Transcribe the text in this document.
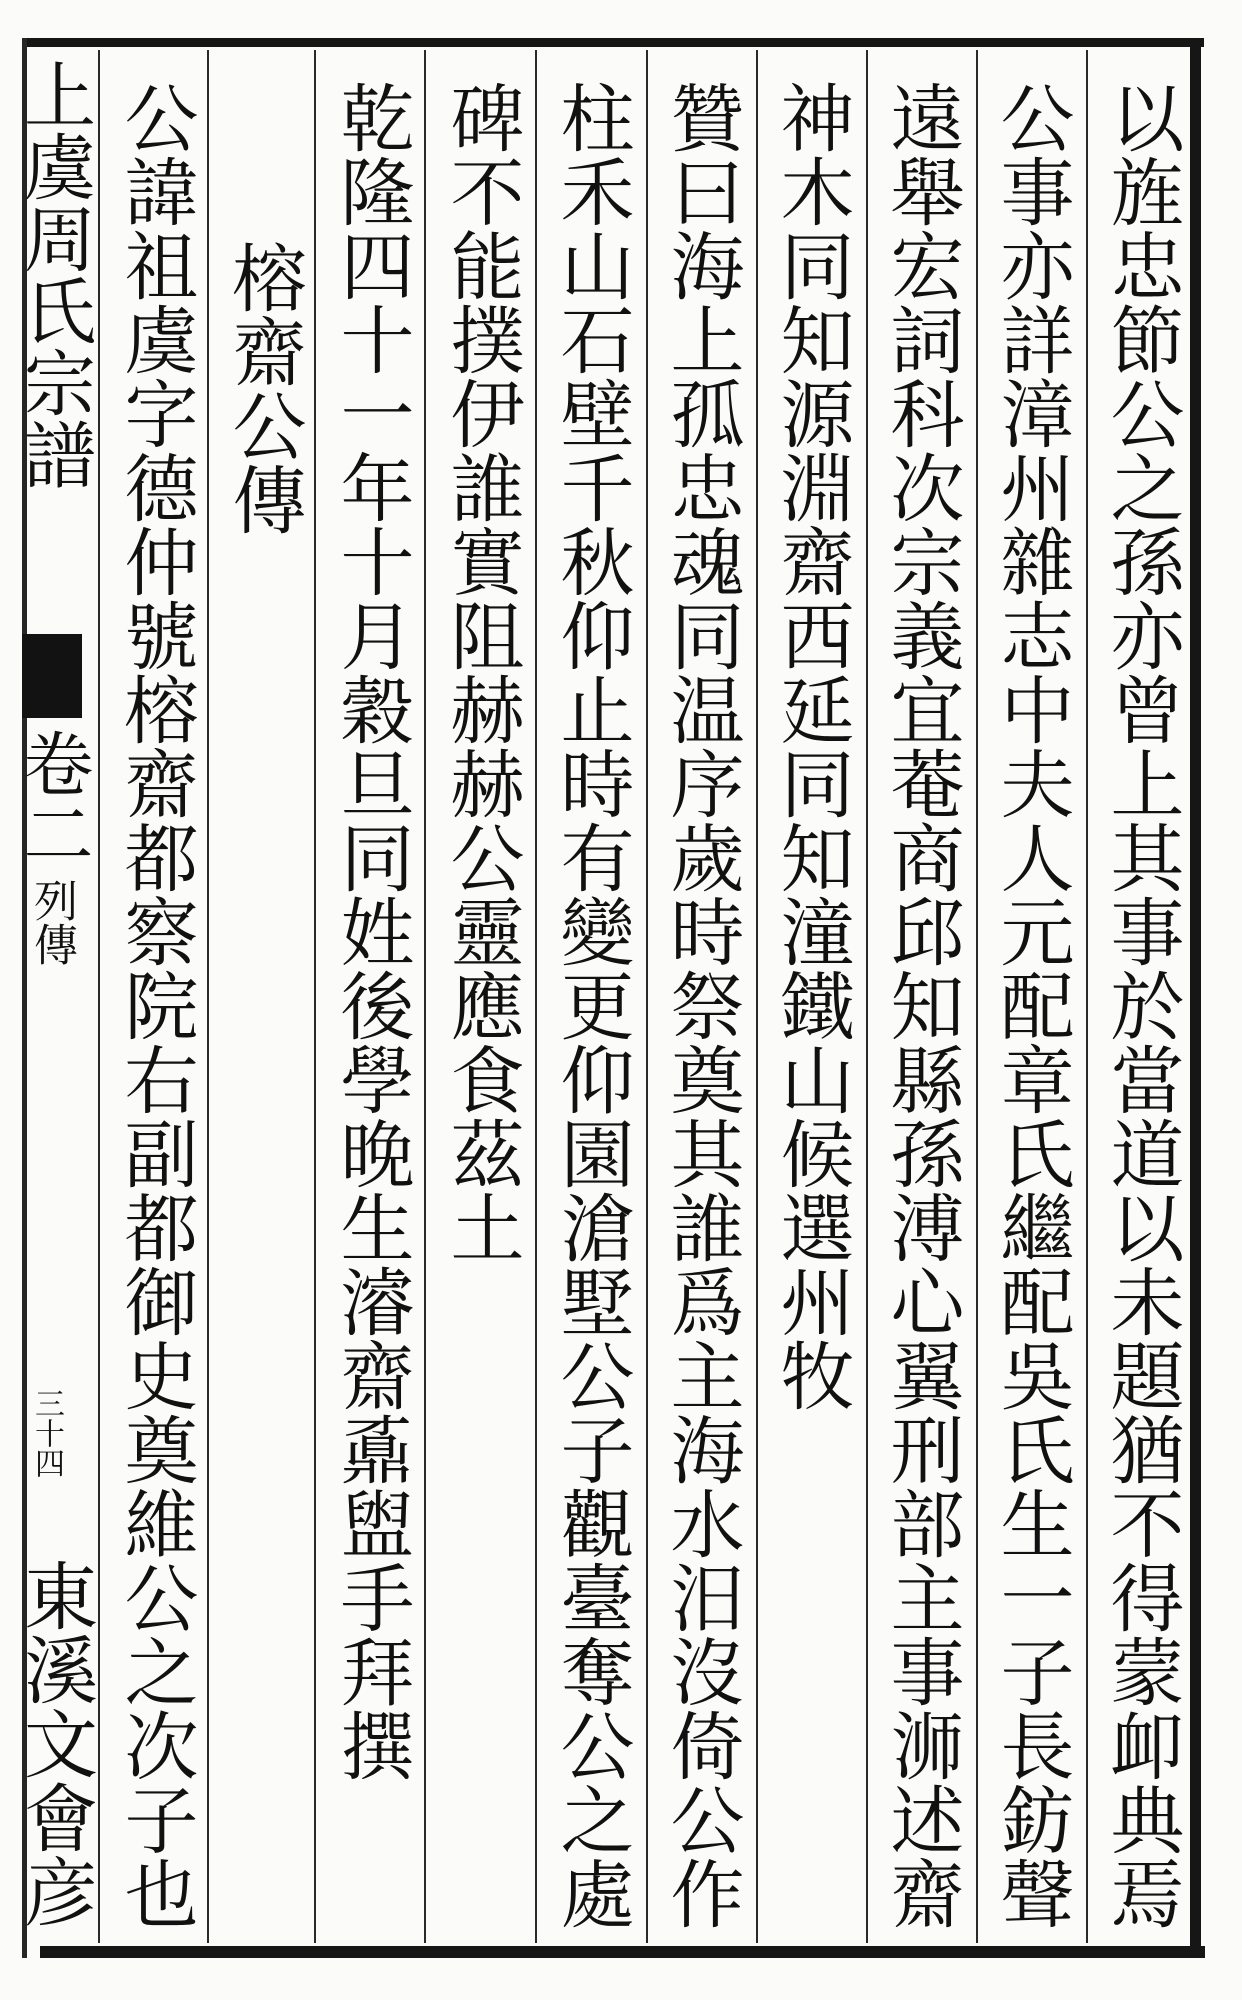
上虞周氏宗譜
卷二
列傳
三十四
東溪文會彦	以旌忠節公之孫亦曾上其事於當道以未題猶不得蒙卹典焉
公事亦詳漳州雜志中夫人元配章氏繼配吳氏生一子長鈁聲
遠舉宏詞科次宗義宜菴商邱知縣孫溥心翼刑部主事浉述齋
神木同知源淵齋西延同知潼鐵山候選州牧
贊曰海上孤忠魂同温序歲時祭奠其誰爲主海水汨沒倚公作
柱禾山石壁千秋仰止時有變更仰園滄墅公子觀臺奪公之處
碑不能撲伊誰實阻赫赫公靈應食茲土
乾隆四十一年十月穀旦同姓後學晚生濬齋鼒盥手拜撰
榕齋公傳
公諱祖虞字德仲號榕齋都察院右副都御史奠維公之次子也
